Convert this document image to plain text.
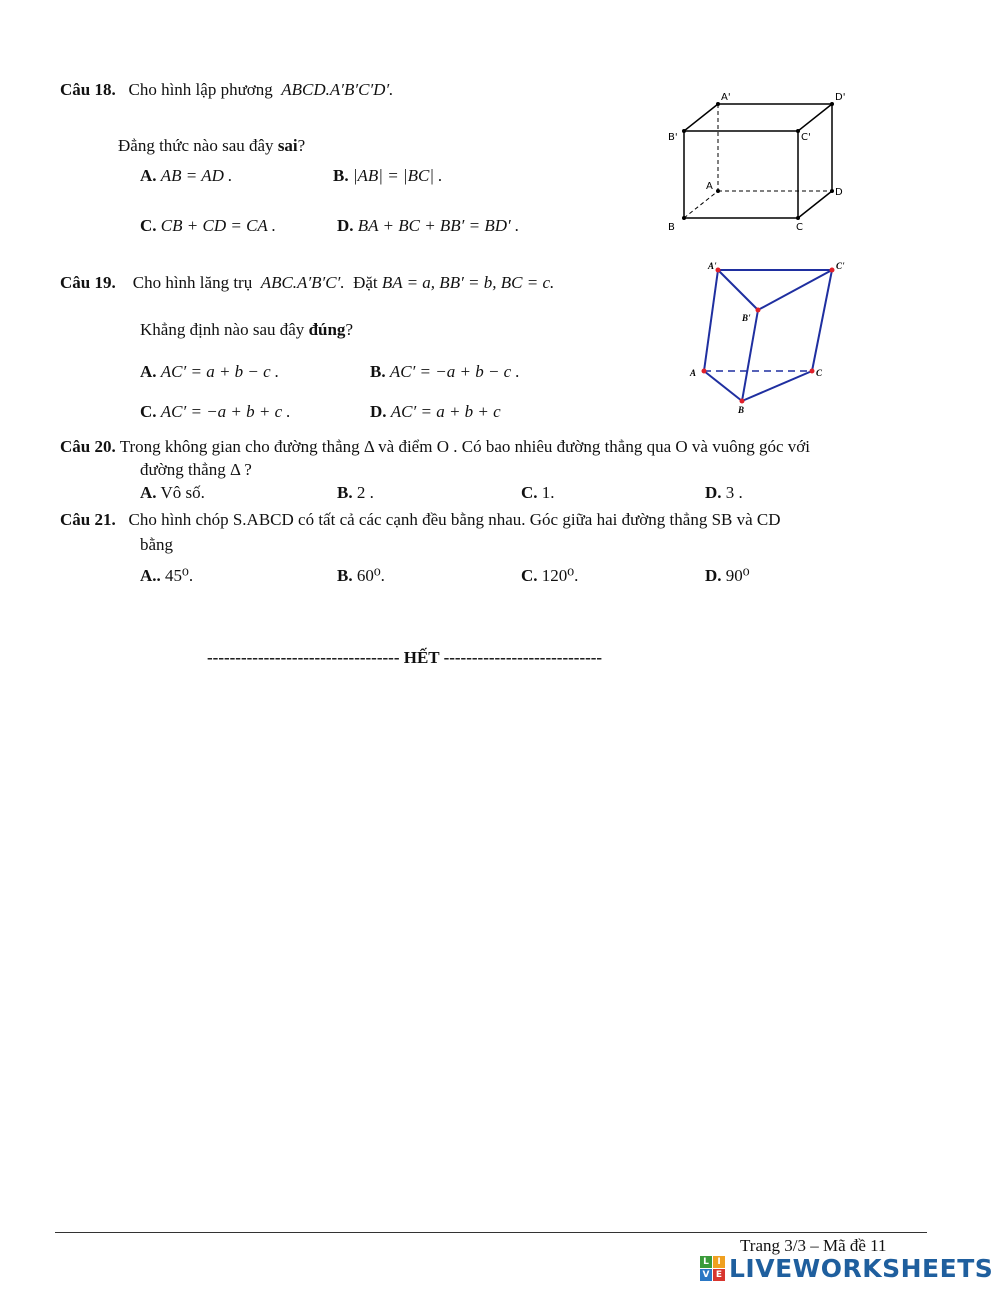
Câu 18. Cho hình lập phương ABCD.A′B′C′D′.
Đẳng thức nào sau đây sai?
A. AB = AD .	B. |AB| = |BC| .
C. CB + CD = CA .	D. BA + BC + BB′ = BD′ .
A'	D'
B'	C'
A
D
B	C
Câu 19. Cho hình lăng trụ ABC.A′B′C′. Đặt BA = a, BB′ = b, BC = c.
Khẳng định nào sau đây đúng?
A. AC′ = a + b − c .	B. AC′ = −a + b − c .
C. AC′ = −a + b + c .	D. AC′ = a + b + c
A'	C'
B'
A	C
B
Câu 20. Trong không gian cho đường thẳng Δ và điểm O . Có bao nhiêu đường thẳng qua O và vuông góc với
đường thẳng Δ ?
A. Vô số.	B. 2 .	C. 1.	D. 3 .
Câu 21. Cho hình chóp S.ABCD có tất cả các cạnh đều bằng nhau. Góc giữa hai đường thẳng SB và CD
bằng
A.. 45⁰.	B. 60⁰.	C. 120⁰.	D. 90⁰
---------------------------------- HẾT ----------------------------
Trang 3/3 – Mã đề 11
L I
V E LIVEWORKSHEETS
